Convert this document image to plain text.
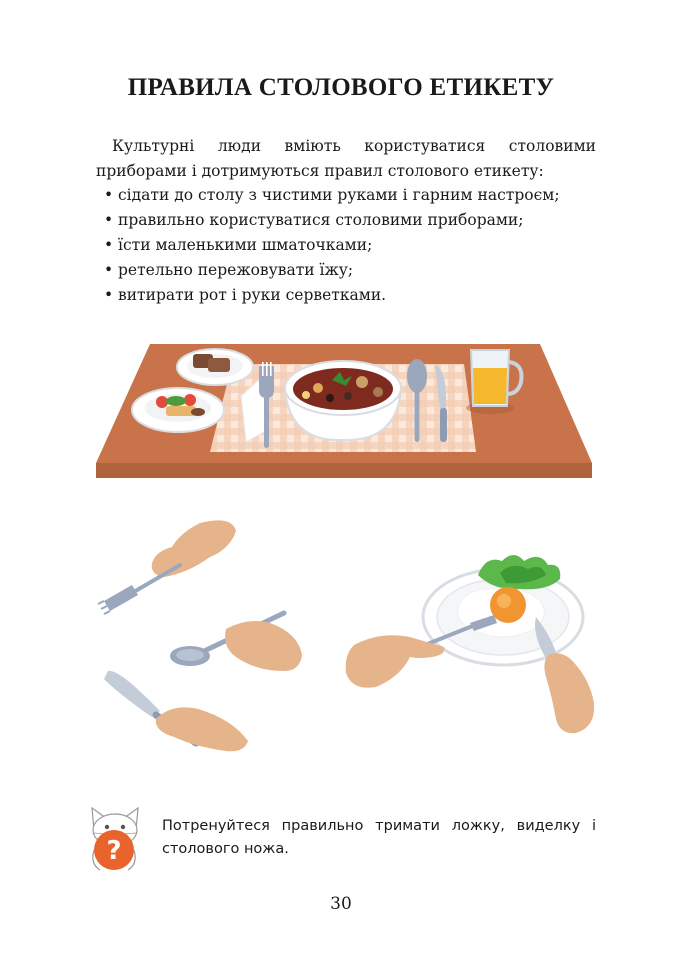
ПРАВИЛА СТОЛОВОГО ЕТИКЕТУ
Культурні люди вміють користуватися столовими приборами і дотримуються правил столового етикету:
• сідати до столу з чистими руками і гарним настроєм;
• правильно користуватися столовими приборами;
• їсти маленькими шматочками;
• ретельно пережовувати їжу;
• витирати рот і руки серветками.
?
Потренуйтеся правильно тримати ложку, виделку і столового ножа.
30
